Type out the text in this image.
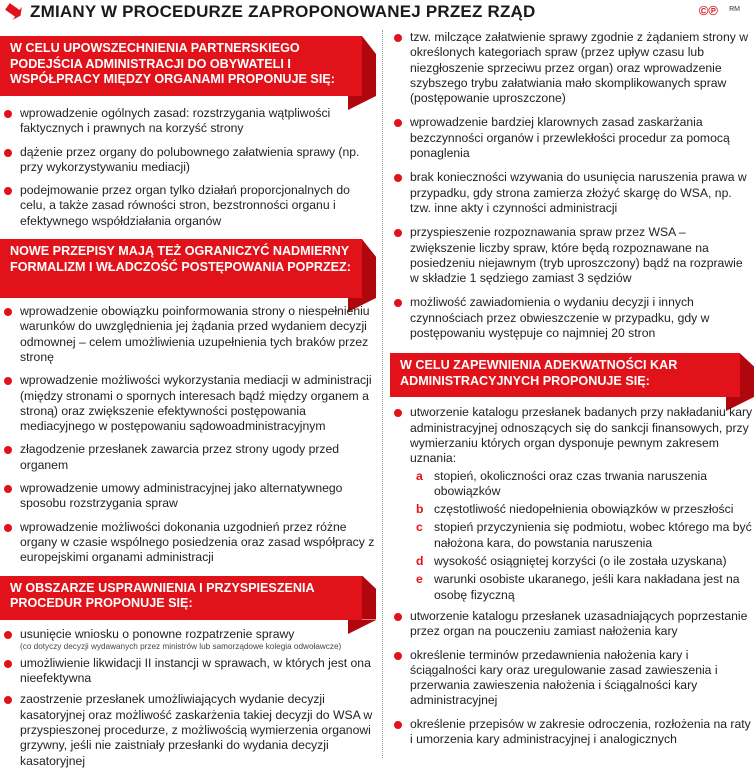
ZMIANY W PROCEDURZE ZAPROPONOWANEJ PRZEZ RZĄD	©℗ RM
W CELU UPOWSZECHNIENIA PARTNERSKIEGO PODEJŚCIA ADMINISTRACJI DO OBYWATELI I WSPÓŁPRACY MIĘDZY ORGANAMI PROPONUJE SIĘ:
wprowadzenie ogólnych zasad: rozstrzygania wątpliwości faktycznych i prawnych na korzyść strony
dążenie przez organy do polubownego załatwienia sprawy (np. przy wykorzystywaniu mediacji)
podejmowanie przez organ tylko działań proporcjonalnych do celu, a także zasad równości stron, bezstronności organu i efektywnego współdziałania organów
NOWE PRZEPISY MAJĄ TEŻ OGRANICZYĆ NADMIERNY FORMALIZM I WŁADCZOŚĆ POSTĘPOWANIA POPRZEZ:
wprowadzenie obowiązku poinformowania strony o niespełnieniu warunków do uwzględnienia jej żądania przed wydaniem decyzji odmownej – celem umożliwienia uzupełnienia tych braków przez stronę
wprowadzenie możliwości wykorzystania mediacji w administracji (między stronami o spornych interesach bądź między organem a stroną) oraz zwiększenie efektywności postępowania mediacyjnego w postępowaniu sądowoadministracyjnym
złagodzenie przesłanek zawarcia przez strony ugody przed organem
wprowadzenie umowy administracyjnej jako alternatywnego sposobu rozstrzygania spraw
wprowadzenie możliwości dokonania uzgodnień przez różne organy w czasie wspólnego posiedzenia oraz zasad współpracy z europejskimi organami administracji
W OBSZARZE USPRAWNIENIA I PRZYSPIESZENIA PROCEDUR PROPONUJE SIĘ:
usunięcie wniosku o ponowne rozpatrzenie sprawy
(co dotyczy decyzji wydawanych przez ministrów lub samorządowe kolegia odwoławcze)
umożliwienie likwidacji II instancji w sprawach, w których jest ona nieefektywna
zaostrzenie przesłanek umożliwiających wydanie decyzji kasatoryjnej oraz możliwość zaskarżenia takiej decyzji do WSA w przyspieszonej procedurze, z możliwością wymierzenia organowi grzywny, jeśli nie zaistniały przesłanki do wydania decyzji kasatoryjnej
tzw. milczące załatwienie sprawy zgodnie z żądaniem strony w określonych kategoriach spraw (przez upływ czasu lub niezgłoszenie sprzeciwu przez organ) oraz wprowadzenie szybszego trybu załatwiania mało skomplikowanych spraw (postępowanie uproszczone)
wprowadzenie bardziej klarownych zasad zaskarżania bezczynności organów i przewlekłości procedur za pomocą ponaglenia
brak konieczności wzywania do usunięcia naruszenia prawa w przypadku, gdy strona zamierza złożyć skargę do WSA, np. tzw. inne akty i czynności administracji
przyspieszenie rozpoznawania spraw przez WSA – zwiększenie liczby spraw, które będą rozpoznawane na posiedzeniu niejawnym (tryb uproszczony) bądź na rozprawie w składzie 1 sędziego zamiast 3 sędziów
możliwość zawiadomienia o wydaniu decyzji i innych czynnościach przez obwieszczenie w przypadku, gdy w postępowaniu występuje co najmniej 20 stron
W CELU ZAPEWNIENIA ADEKWATNOŚCI KAR ADMINISTRACYJNYCH PROPONUJE SIĘ:
utworzenie katalogu przesłanek badanych przy nakładaniu kary administracyjnej odnoszących się do sankcji finansowych, przy wymierzaniu których organ dysponuje pewnym zakresem uznania:
a stopień, okoliczności oraz czas trwania naruszenia obowiązków
b częstotliwość niedopełnienia obowiązków w przeszłości
c stopień przyczynienia się podmiotu, wobec którego ma być nałożona kara, do powstania naruszenia
d wysokość osiągniętej korzyści (o ile została uzyskana)
e warunki osobiste ukaranego, jeśli kara nakładana jest na osobę fizyczną
utworzenie katalogu przesłanek uzasadniających poprzestanie przez organ na pouczeniu zamiast nałożenia kary
określenie terminów przedawnienia nałożenia kary i ściągalności kary oraz uregulowanie zasad zawieszenia i przerwania zawieszenia nałożenia i ściągalności kary administracyjnej
określenie przepisów w zakresie odroczenia, rozłożenia na raty i umorzenia kary administracyjnej i analogicznych
